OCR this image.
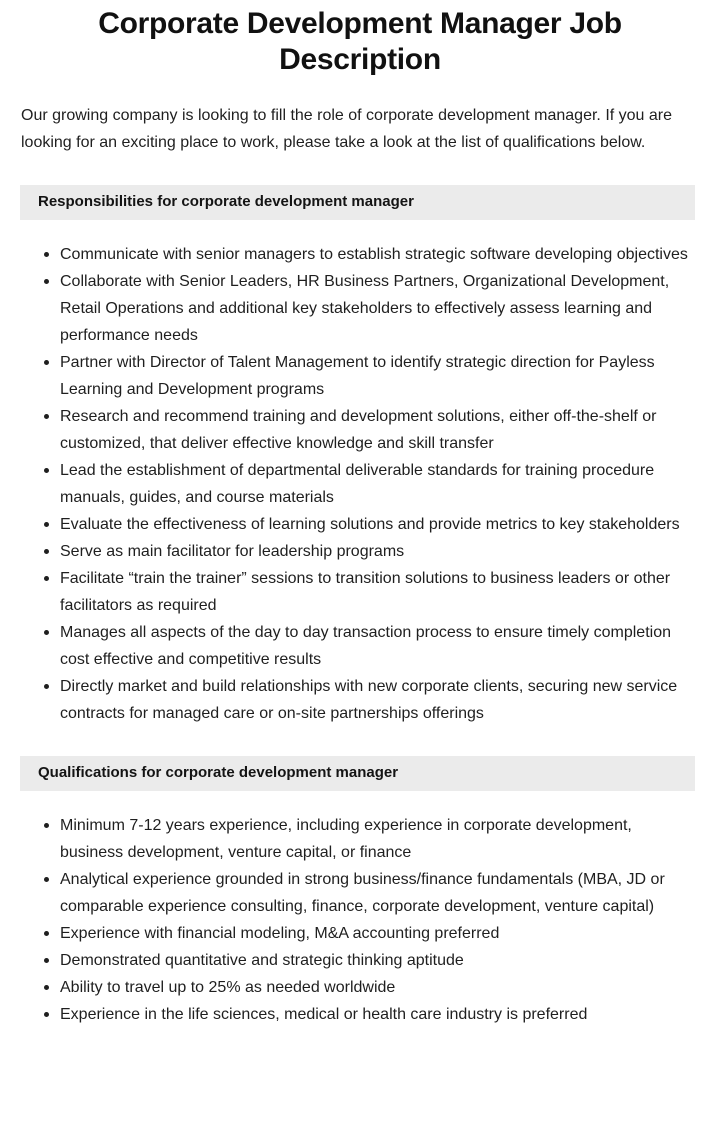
Corporate Development Manager Job Description

Our growing company is looking to fill the role of corporate development manager. If you are looking for an exciting place to work, please take a look at the list of qualifications below.

Responsibilities for corporate development manager
Communicate with senior managers to establish strategic software developing objectives
Collaborate with Senior Leaders, HR Business Partners, Organizational Development, Retail Operations and additional key stakeholders to effectively assess learning and performance needs
Partner with Director of Talent Management to identify strategic direction for Payless Learning and Development programs
Research and recommend training and development solutions, either off-the-shelf or customized, that deliver effective knowledge and skill transfer
Lead the establishment of departmental deliverable standards for training procedure manuals, guides, and course materials
Evaluate the effectiveness of learning solutions and provide metrics to key stakeholders
Serve as main facilitator for leadership programs
Facilitate “train the trainer” sessions to transition solutions to business leaders or other facilitators as required
Manages all aspects of the day to day transaction process to ensure timely completion cost effective and competitive results
Directly market and build relationships with new corporate clients, securing new service contracts for managed care or on-site partnerships offerings
Qualifications for corporate development manager
Minimum 7-12 years experience, including experience in corporate development, business development, venture capital, or finance
Analytical experience grounded in strong business/finance fundamentals (MBA, JD or comparable experience consulting, finance, corporate development, venture capital)
Experience with financial modeling, M&A accounting preferred
Demonstrated quantitative and strategic thinking aptitude
Ability to travel up to 25% as needed worldwide
Experience in the life sciences, medical or health care industry is preferred
